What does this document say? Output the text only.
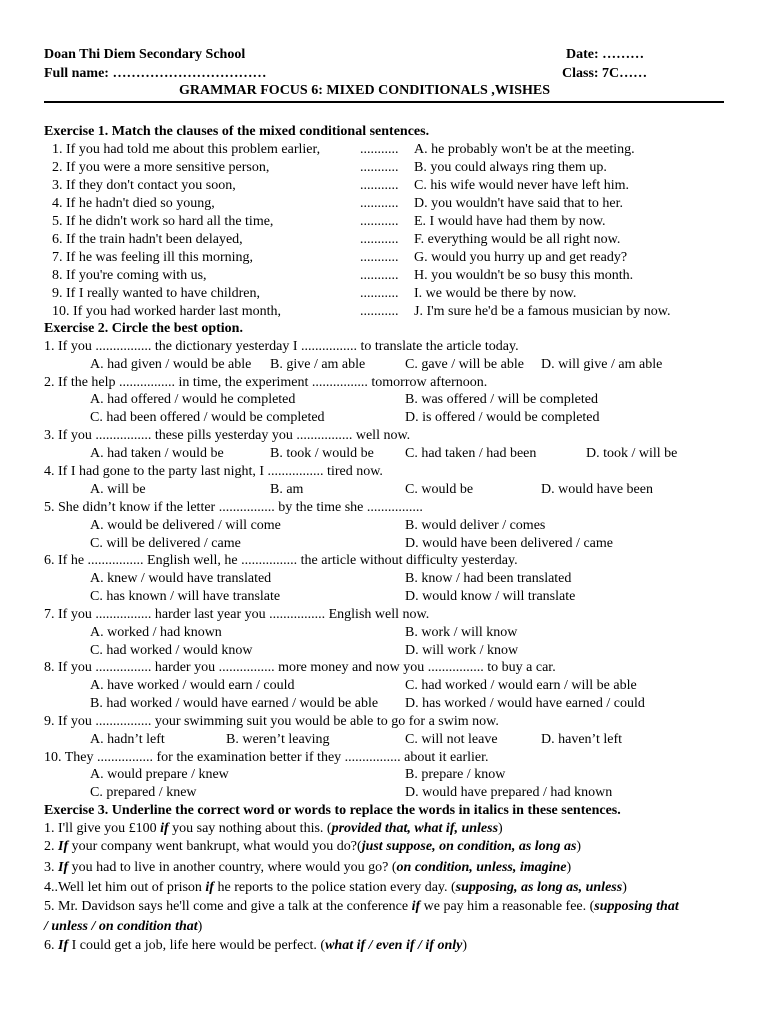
Doan Thi Diem Secondary School	Date: ………
Full name: ……………………………	Class: 7C……
GRAMMAR FOCUS 6: MIXED CONDITIONALS ,WISHES
Exercise 1. Match the clauses of the mixed conditional sentences.
1. If you had told me about this problem earlier,	........... A. he probably won't be at the meeting.
2. If you were a more sensitive person,	........... B. you could always ring them up.
3. If they don't contact you soon,	........... C. his wife would never have left him.
4. If he hadn't died so young,	........... D. you wouldn't have said that to her.
5. If he didn't work so hard all the time,	........... E. I would have had them by now.
6. If the train hadn't been delayed,	........... F. everything would be all right now.
7. If he was feeling ill this morning,	........... G. would you hurry up and get ready?
8. If you're coming with us,	........... H. you wouldn't be so busy this month.
9. If I really wanted to have children,	........... I. we would be there by now.
10. If you had worked harder last month,	........... J. I'm sure he'd be a famous musician by now.
Exercise 2. Circle the best option.
1. If you ................ the dictionary yesterday I ................ to translate the article today.
A. had given / would be able B. give / am able	C. gave / will be able D. will give / am able
2. If the help ................ in time, the experiment ................ tomorrow afternoon.
A. had offered / would he completed	B. was offered / will be completed
C. had been offered / would be completed	D. is offered / would be completed
3. If you ................ these pills yesterday you ................ well now.
A. had taken / would be	B. took / would be C. had taken / had been	D. took / will be
4. If I had gone to the party last night, I ................ tired now.
A. will be	B. am	C. would be	D. would have been
5. She didn’t know if the letter ................ by the time she ................
A. would be delivered / will come	B. would deliver / comes
C. will be delivered / came	D. would have been delivered / came
6. If he ................ English well, he ................ the article without difficulty yesterday.
A. knew / would have translated	B. know / had been translated
C. has known / will have translate	D. would know / will translate
7. If you ................ harder last year you ................ English well now.
A. worked / had known	B. work / will know
C. had worked / would know	D. will work / know
8. If you ................ harder you ................ more money and now you ................ to buy a car.
A. have worked / would earn / could	C. had worked / would earn / will be able
B. had worked / would have earned / would be able D. has worked / would have earned / could
9. If you ................ your swimming suit you would be able to go for a swim now.
A. hadn’t left	B. weren’t leaving	C. will not leave	D. haven’t left
10. They ................ for the examination better if they ................ about it earlier.
A. would prepare / knew	B. prepare / know
C. prepared / knew	D. would have prepared / had known
Exercise 3. Underline the correct word or words to replace the words in italics in these sentences.
1. I'll give you £100 if you say nothing about this. (provided that, what if, unless)
2. If your company went bankrupt, what would you do?(just suppose, on condition, as long as)
3. If you had to live in another country, where would you go? (on condition, unless, imagine)
4..Well let him out of prison if he reports to the police station every day. (supposing, as long as, unless)
5. Mr. Davidson says he'll come and give a talk at the conference if we pay him a reasonable fee. (supposing that
/ unless / on condition that)
6. If I could get a job, life here would be perfect. (what if / even if / if only)
